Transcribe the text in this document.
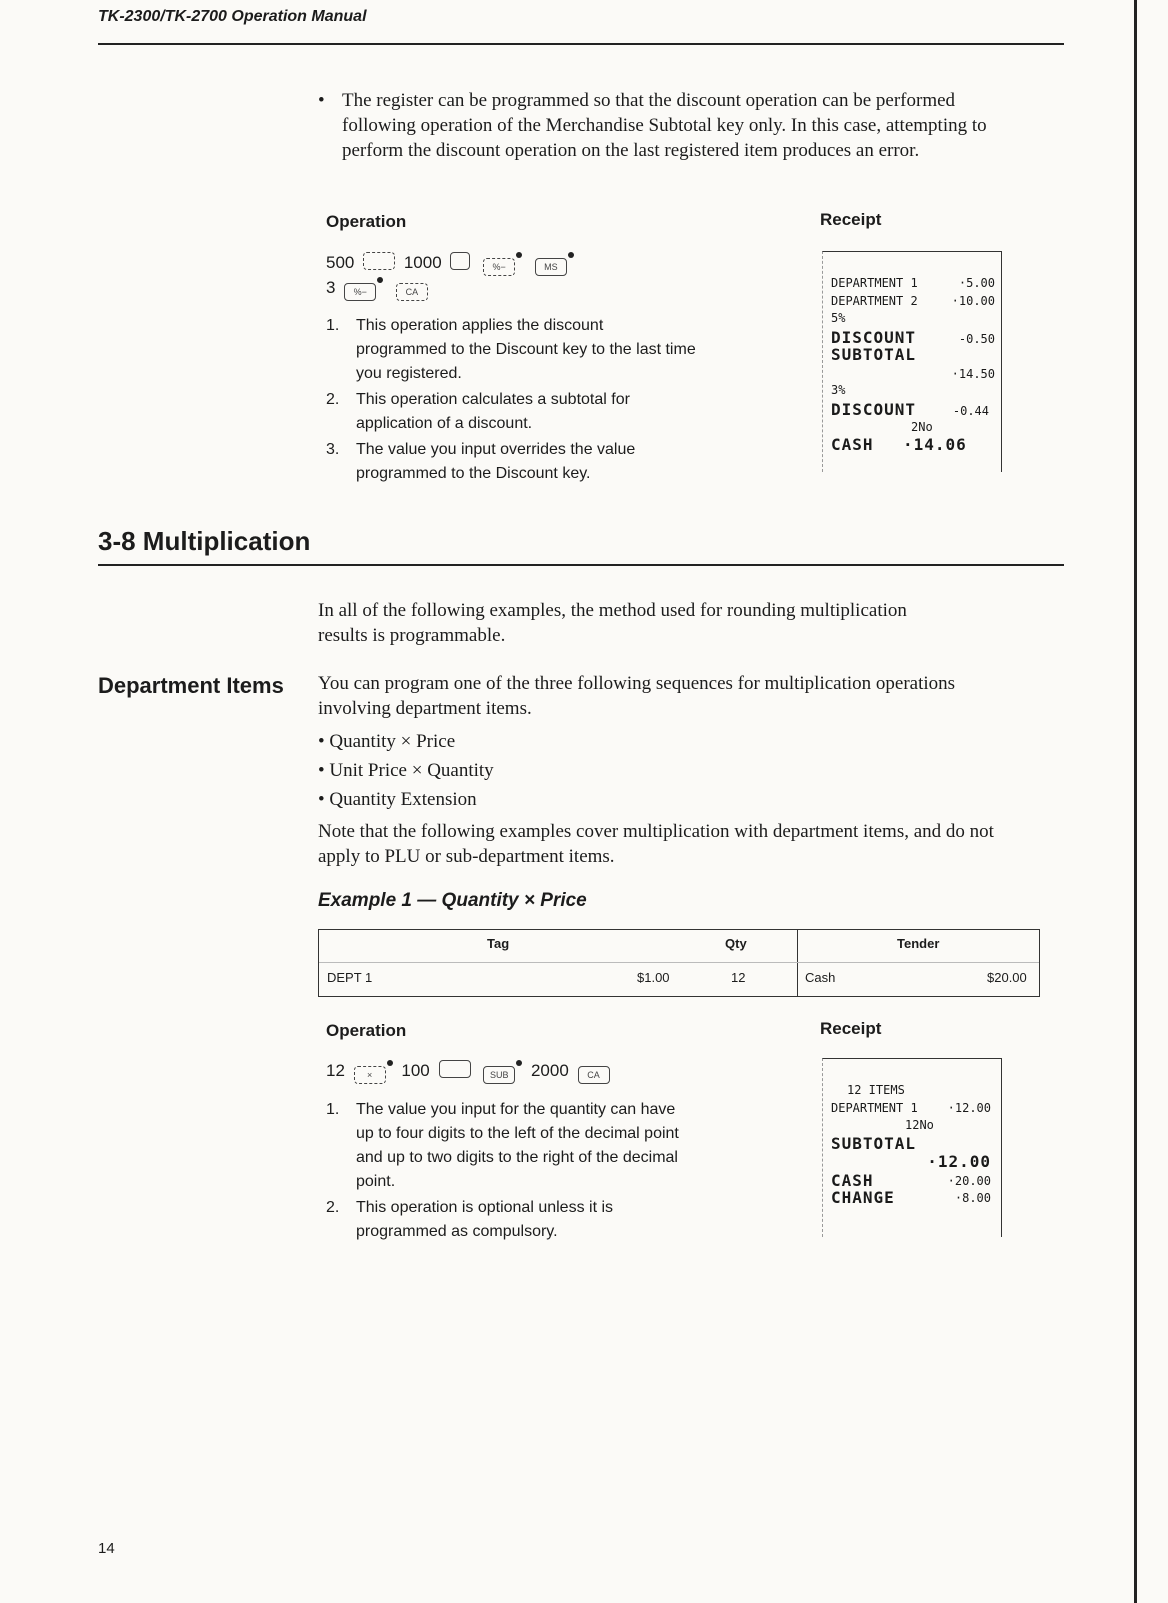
TK-2300/TK-2700 Operation Manual
• The register can be programmed so that the discount operation can be performed following operation of the Merchandise Subtotal key only. In this case, attempting to perform the discount operation on the last registered item produces an error.
Operation	Receipt
500	1000	%−	MS
3 %−	CA
1. This operation applies the discount programmed to the Discount key to the last time you registered.
2. This operation calculates a subtotal for application of a discount.
3. The value you input overrides the value programmed to the Discount key.
DEPARTMENT 1	·5.00
DEPARTMENT 2	·10.00
5%
DISCOUNT	-0.50
SUBTOTAL
·14.50
3%
DISCOUNT	-0.44
2No
CASH ·14.06
3-8 Multiplication
In all of the following examples, the method used for rounding multiplication results is programmable.
Department Items You can program one of the three following sequences for multiplication operations involving department items.
• Quantity × Price
• Unit Price × Quantity
• Quantity Extension
Note that the following examples cover multiplication with department items, and do not apply to PLU or sub-department items.
Example 1 — Quantity × Price
Tag	Qty	Tender
DEPT 1	$1.00	12	Cash	$20.00
Operation	Receipt
12 × 100	SUB 2000 CA
1. The value you input for the quantity can have up to four digits to the left of the decimal point and up to two digits to the right of the decimal point.
2. This operation is optional unless it is programmed as compulsory.
12 ITEMS
DEPARTMENT 1 ·12.00
12No
SUBTOTAL
·12.00
CASH	·20.00
CHANGE	·8.00
14
